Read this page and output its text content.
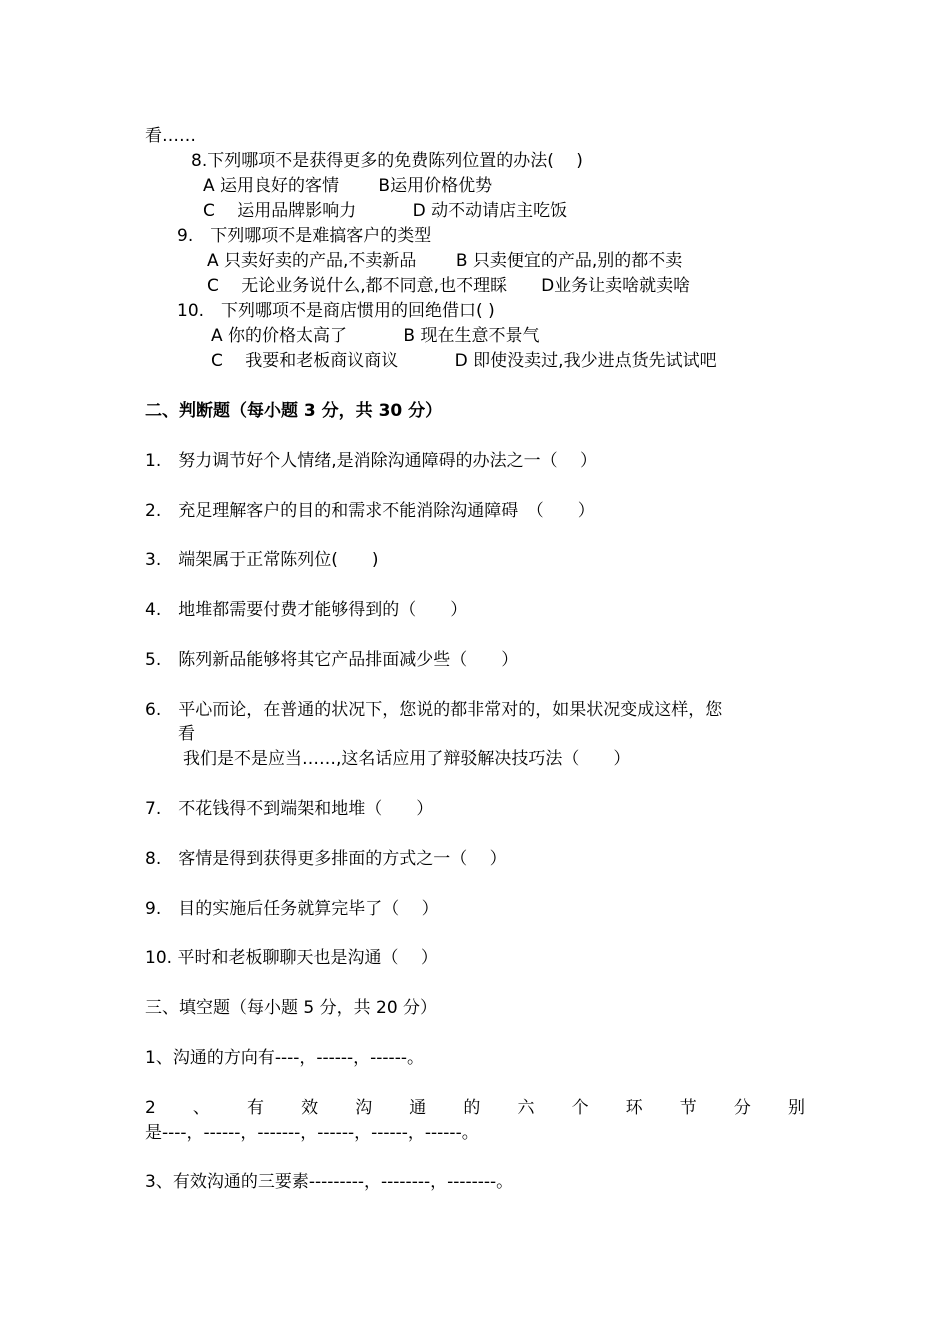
看……
8.下列哪项不是获得更多的免费陈列位置的办法(　 )
A 运用良好的客情　　 B运用价格优势
C　 运用品牌影响力　　　 D 动不动请店主吃饭
9.　下列哪项不是难搞客户的类型
A 只卖好卖的产品,不卖新品　　 B 只卖便宜的产品,别的都不卖
C　 无论业务说什么,都不同意,也不理睬　　D业务让卖啥就卖啥
10.　下列哪项不是商店惯用的回绝借口( )
A 你的价格太高了　　　 B 现在生意不景气
C　 我要和老板商议商议　　　 D 即使没卖过,我少进点货先试试吧
二、判断题（每小题 3 分，共 30 分）
1.　努力调节好个人情绪,是消除沟通障碍的办法之一（　 ）
2.　充足理解客户的目的和需求不能消除沟通障碍　（　　）
3.　端架属于正常陈列位(　　)
4.　地堆都需要付费才能够得到的（　　）
5.　陈列新品能够将其它产品排面减少些（　　）
6.　平心而论，在普通的状况下，您说的都非常对的，如果状况变成这样，您
看
我们是不是应当……,这名话应用了辩驳解决技巧法（　　）
7.　不花钱得不到端架和地堆（　　）
8.　客情是得到获得更多排面的方式之一（　 ）
9.　目的实施后任务就算完毕了（　 ）
10. 平时和老板聊聊天也是沟通（　 ）
三、填空题（每小题 5 分，共 20 分）
1、沟通的方向有----，------，------。
2 、 有 效 沟 通 的 六 个 环 节 分 别
是----，------，-------，------，------，------。
3、有效沟通的三要素---------，--------，--------。
